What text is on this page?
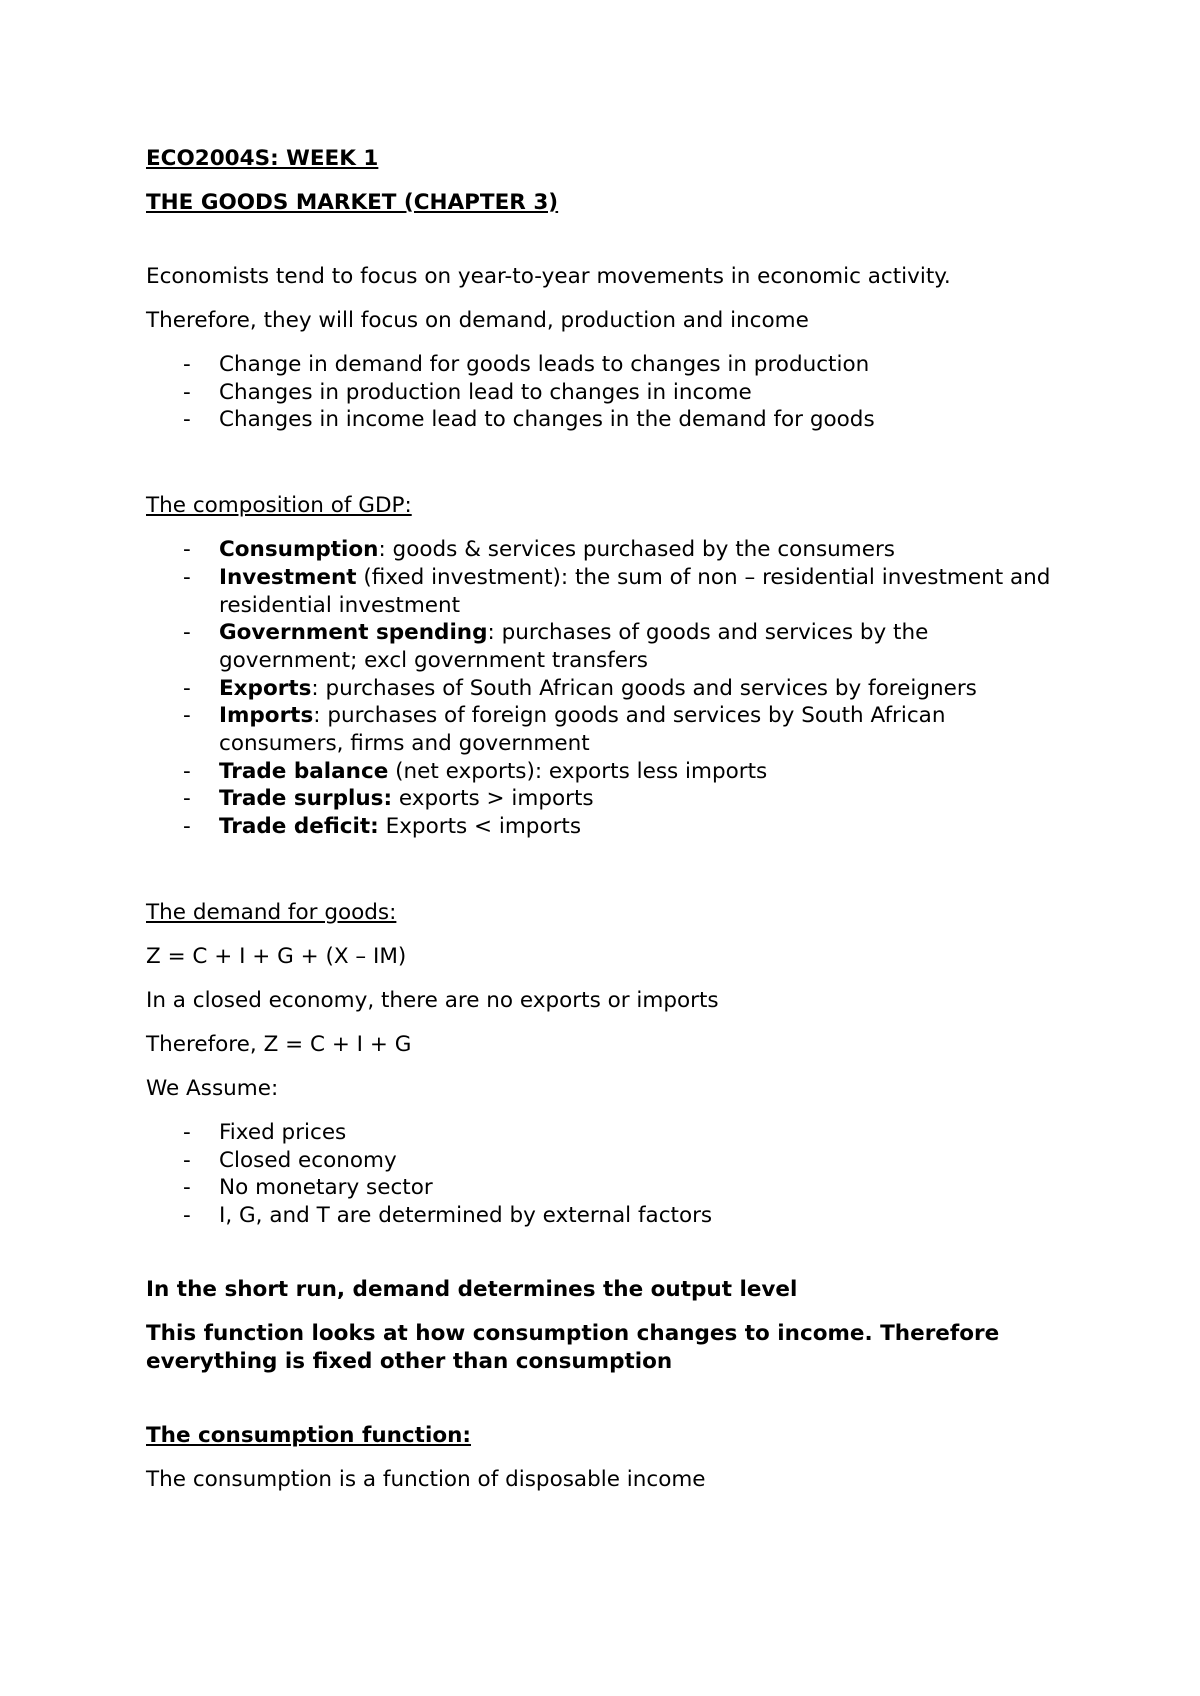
ECO2004S: WEEK 1

THE GOODS MARKET (CHAPTER 3)

Economists tend to focus on year-to-year movements in economic activity.

Therefore, they will focus on demand, production and income

- Change in demand for goods leads to changes in production
- Changes in production lead to changes in income
- Changes in income lead to changes in the demand for goods

The composition of GDP:

- Consumption: goods & services purchased by the consumers
- Investment (fixed investment): the sum of non – residential investment and residential investment
- Government spending: purchases of goods and services by the government; excl government transfers
- Exports: purchases of South African goods and services by foreigners
- Imports: purchases of foreign goods and services by South African consumers, firms and government
- Trade balance (net exports): exports less imports
- Trade surplus: exports > imports
- Trade deficit: Exports < imports

The demand for goods:

Z = C + I + G + (X – IM)

In a closed economy, there are no exports or imports

Therefore, Z = C + I + G

We Assume:

- Fixed prices
- Closed economy
- No monetary sector
- I, G, and T are determined by external factors

In the short run, demand determines the output level

This function looks at how consumption changes to income. Therefore everything is fixed other than consumption

The consumption function:

The consumption is a function of disposable income
